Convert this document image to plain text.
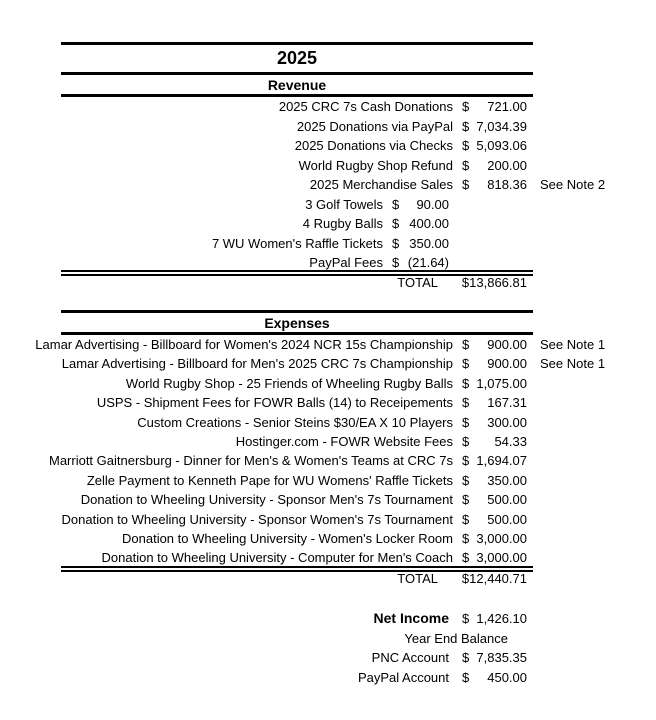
2025
Revenue
2025 CRC 7s Cash Donations $ 721.00
2025 Donations via PayPal $ 7,034.39
2025 Donations via Checks $ 5,093.06
World Rugby Shop Refund $ 200.00
2025 Merchandise Sales $ 818.36 See Note 2
3 Golf Towels $ 90.00
4 Rugby Balls $ 400.00
7 WU Women's Raffle Tickets $ 350.00
PayPal Fees $ (21.64)
TOTAL $13,866.81
Expenses
Lamar Advertising - Billboard for Women's 2024 NCR 15s Championship $ 900.00 See Note 1
Lamar Advertising - Billboard for Men's 2025 CRC 7s Championship $ 900.00 See Note 1
World Rugby Shop - 25 Friends of Wheeling Rugby Balls $ 1,075.00
USPS - Shipment Fees for FOWR Balls (14) to Receipements $ 167.31
Custom Creations - Senior Steins $30/EA X 10 Players $ 300.00
Hostinger.com - FOWR Website Fees $ 54.33
Marriott Gaitnersburg - Dinner for Men's & Women's Teams at CRC 7s $ 1,694.07
Zelle Payment to Kenneth Pape for WU Womens' Raffle Tickets $ 350.00
Donation to Wheeling University - Sponsor Men's 7s Tournament $ 500.00
Donation to Wheeling University - Sponsor Women's 7s Tournament $ 500.00
Donation to Wheeling University - Women's Locker Room $ 3,000.00
Donation to Wheeling University - Computer for Men's Coach $ 3,000.00
TOTAL $12,440.71
Net Income $ 1,426.10
Year End Balance
PNC Account $ 7,835.35
PayPal Account $ 450.00
